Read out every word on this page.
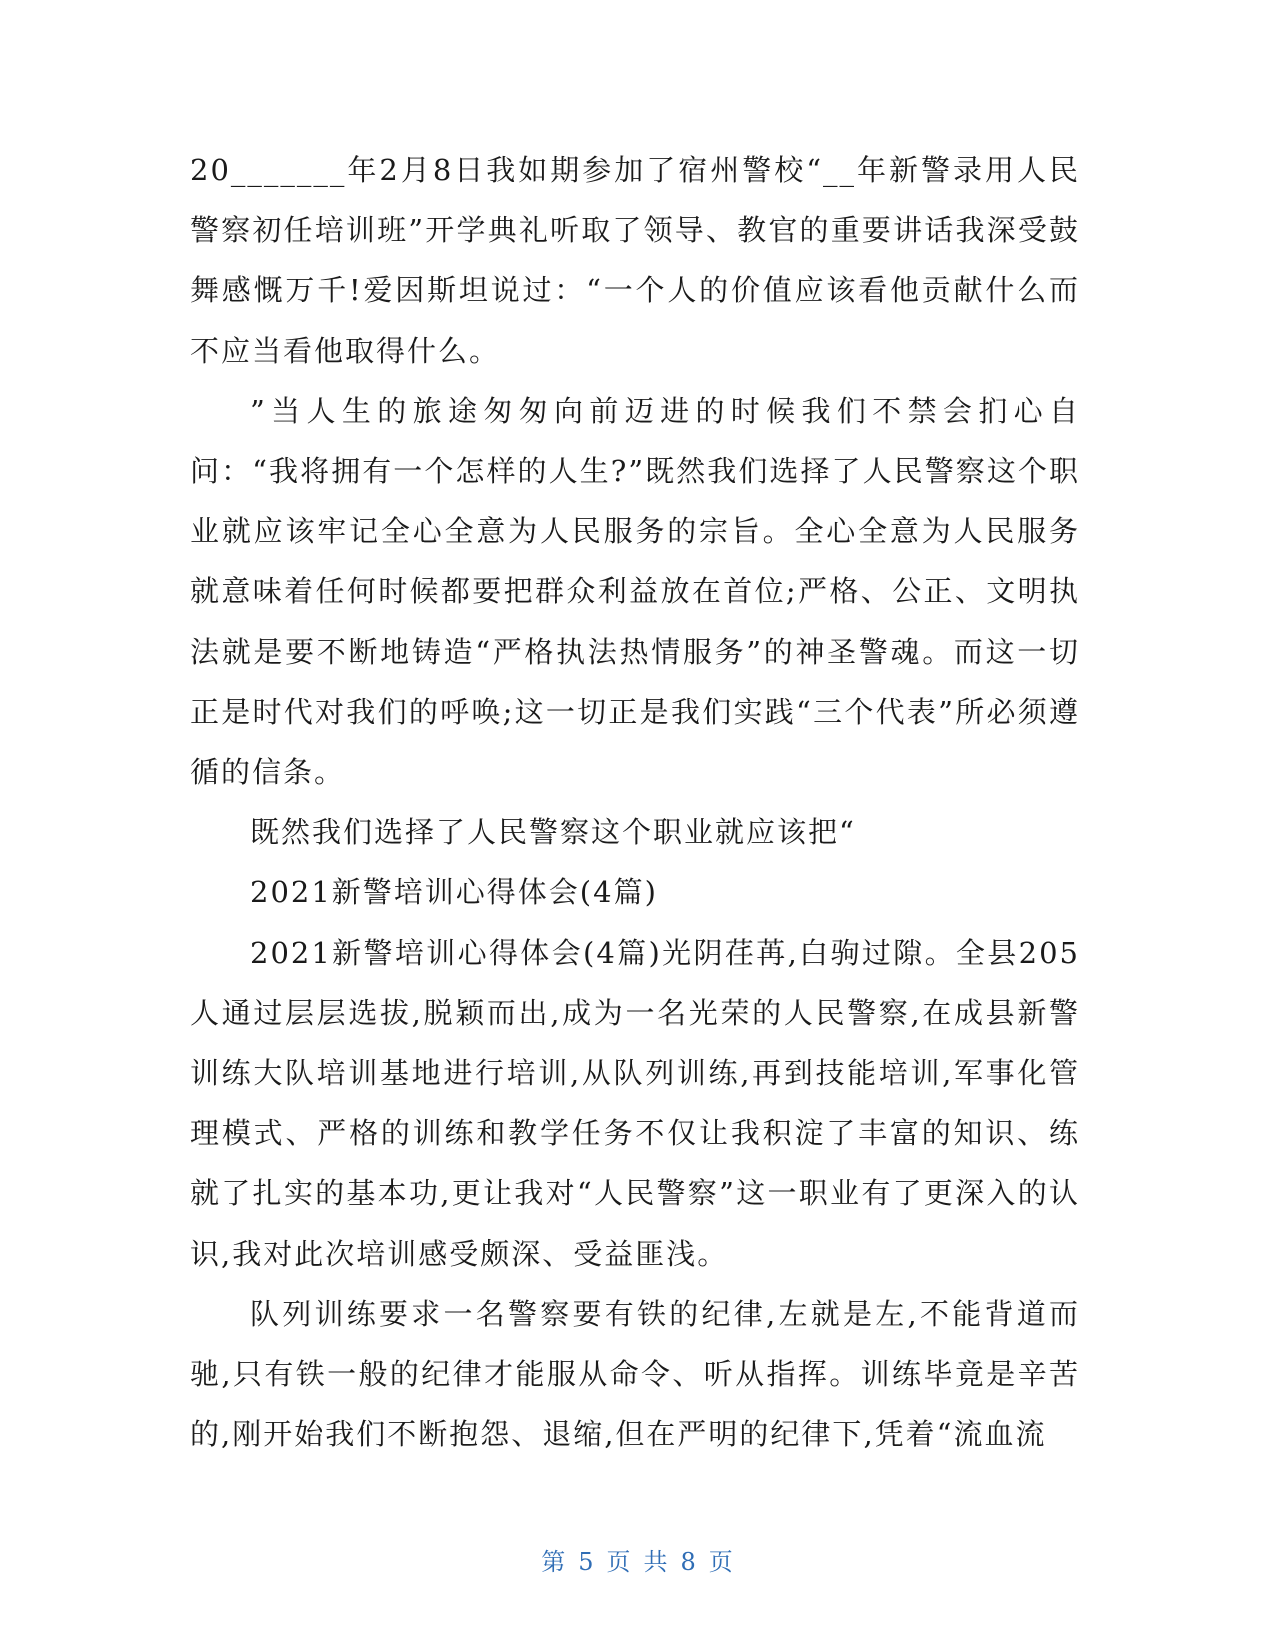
20_______年2月8日我如期参加了宿州警校“__年新警录用人民警察初任培训班”开学典礼听取了领导、教官的重要讲话我深受鼓舞感慨万千!爱因斯坦说过：“一个人的价值应该看他贡献什么而不应当看他取得什么。

”当人生的旅途匆匆向前迈进的时候我们不禁会扪心自问：“我将拥有一个怎样的人生?”既然我们选择了人民警察这个职业就应该牢记全心全意为人民服务的宗旨。全心全意为人民服务就意味着任何时候都要把群众利益放在首位;严格、公正、文明执法就是要不断地铸造“严格执法热情服务”的神圣警魂。而这一切正是时代对我们的呼唤;这一切正是我们实践“三个代表”所必须遵循的信条。

既然我们选择了人民警察这个职业就应该把“

2021新警培训心得体会(4篇)

2021新警培训心得体会(4篇)光阴荏苒,白驹过隙。全县205人通过层层选拔,脱颖而出,成为一名光荣的人民警察,在成县新警训练大队培训基地进行培训,从队列训练,再到技能培训,军事化管理模式、严格的训练和教学任务不仅让我积淀了丰富的知识、练就了扎实的基本功,更让我对“人民警察”这一职业有了更深入的认识,我对此次培训感受颇深、受益匪浅。

队列训练要求一名警察要有铁的纪律,左就是左,不能背道而驰,只有铁一般的纪律才能服从命令、听从指挥。训练毕竟是辛苦的,刚开始我们不断抱怨、退缩,但在严明的纪律下,凭着“流血流

第 5 页 共 8 页
